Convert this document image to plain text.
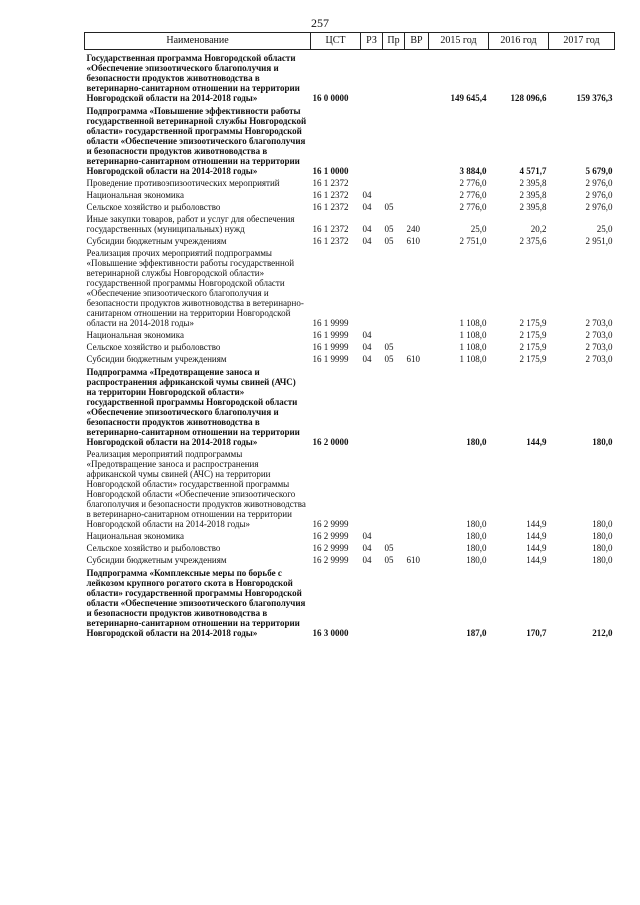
257
Наименование	ЦСТ	РЗ	Пр	ВР	2015 год	2016 год	2017 год
Государственная программа Новгородской области «Обеспечение эпизоотического благополучия и безопасности продуктов животноводства в ветеринарно-санитарном отношении на территории Новгородской области на 2014-2018 годы»	16 0 0000				149 645,4	128 096,6	159 376,3
Подпрограмма «Повышение эффективности работы государственной ветеринарной службы Новгородской области» государственной программы Новгородской области «Обеспечение эпизоотического благополучия и безопасности продуктов животноводства в ветеринарно-санитарном отношении на территории Новгородской области на 2014-2018 годы»	16 1 0000				3 884,0	4 571,7	5 679,0
Проведение противоэпизоотических мероприятий	16 1 2372				2 776,0	2 395,8	2 976,0
Национальная экономика	16 1 2372	04			2 776,0	2 395,8	2 976,0
Сельское хозяйство и рыболовство	16 1 2372	04	05		2 776,0	2 395,8	2 976,0
Иные закупки товаров, работ и услуг для обеспечения государственных (муниципальных) нужд	16 1 2372	04	05	240	25,0	20,2	25,0
Субсидии бюджетным учреждениям	16 1 2372	04	05	610	2 751,0	2 375,6	2 951,0
Реализация прочих мероприятий подпрограммы «Повышение эффективности работы государственной ветеринарной службы Новгородской области» государственной программы Новгородской области «Обеспечение эпизоотического благополучия и безопасности продуктов животноводства в ветеринарно-санитарном отношении на территории Новгородской области на 2014-2018 годы»	16 1 9999				1 108,0	2 175,9	2 703,0
Национальная экономика	16 1 9999	04			1 108,0	2 175,9	2 703,0
Сельское хозяйство и рыболовство	16 1 9999	04	05		1 108,0	2 175,9	2 703,0
Субсидии бюджетным учреждениям	16 1 9999	04	05	610	1 108,0	2 175,9	2 703,0
Подпрограмма «Предотвращение заноса и распространения африканской чумы свиней (АЧС) на территории Новгородской области» государственной программы Новгородской области «Обеспечение эпизоотического благополучия и безопасности продуктов животноводства в ветеринарно-санитарном отношении на территории Новгородской области на 2014-2018 годы»	16 2 0000				180,0	144,9	180,0
Реализация мероприятий подпрограммы «Предотвращение заноса и распространения африканской чумы свиней (АЧС) на территории Новгородской области» государственной программы Новгородской области «Обеспечение эпизоотического благополучия и безопасности продуктов животноводства в ветеринарно-санитарном отношении на территории Новгородской области на 2014-2018 годы»	16 2 9999				180,0	144,9	180,0
Национальная экономика	16 2 9999	04			180,0	144,9	180,0
Сельское хозяйство и рыболовство	16 2 9999	04	05		180,0	144,9	180,0
Субсидии бюджетным учреждениям	16 2 9999	04	05	610	180,0	144,9	180,0
Подпрограмма «Комплексные меры по борьбе с лейкозом крупного рогатого скота в Новгородской области» государственной программы Новгородской области «Обеспечение эпизоотического благополучия и безопасности продуктов животноводства в ветеринарно-санитарном отношении на территории Новгородской области на 2014-2018 годы»	16 3 0000				187,0	170,7	212,0
